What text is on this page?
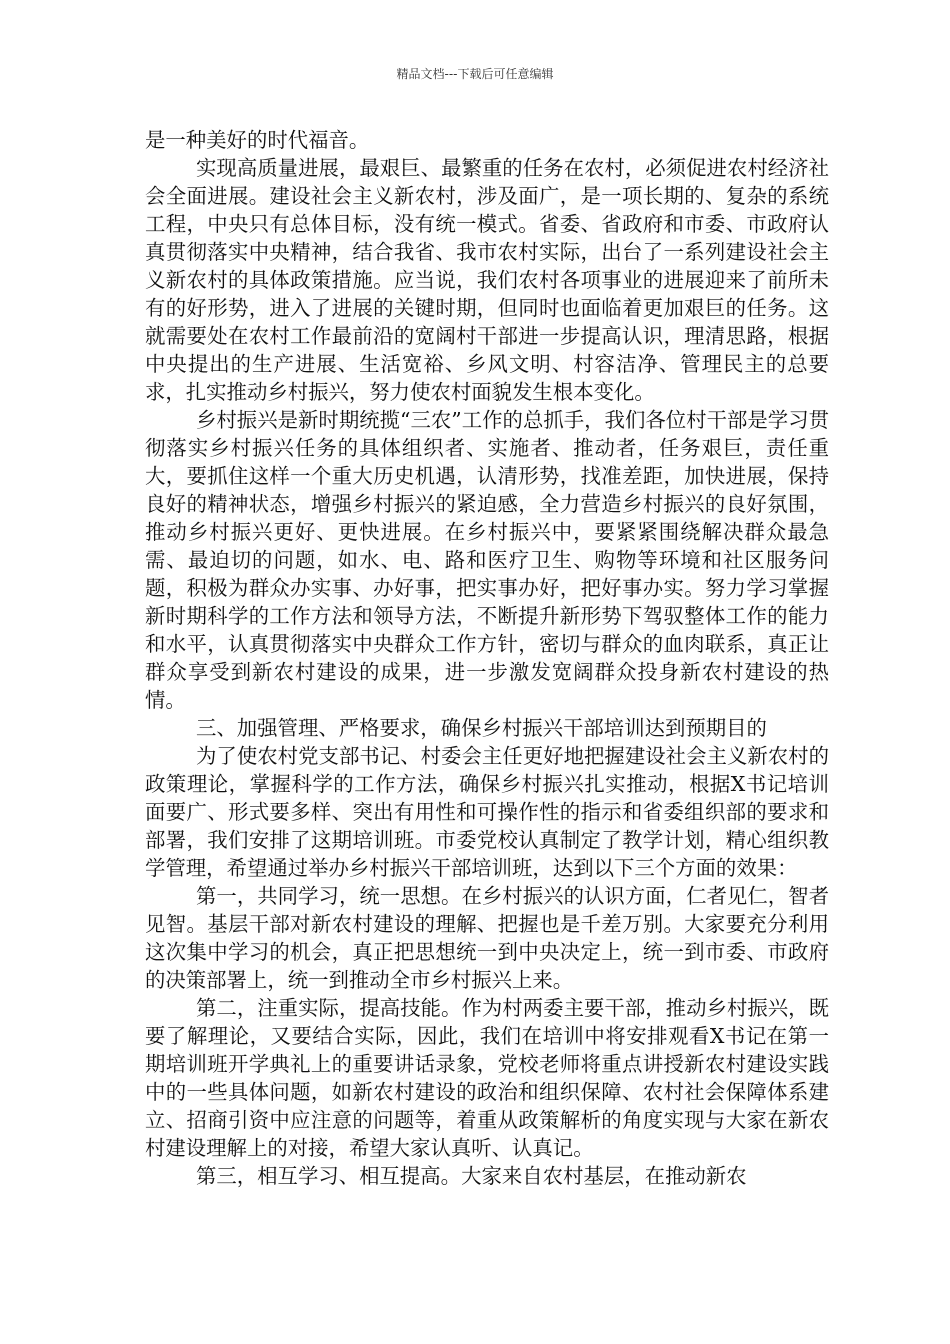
精品文档---下载后可任意编辑

是一种美好的时代福音。

实现高质量进展，最艰巨、最繁重的任务在农村，必须促进农村经济社会全面进展。建设社会主义新农村，涉及面广，是一项长期的、复杂的系统工程，中央只有总体目标，没有统一模式。省委、省政府和市委、市政府认真贯彻落实中央精神，结合我省、我市农村实际，出台了一系列建设社会主义新农村的具体政策措施。应当说，我们农村各项事业的进展迎来了前所未有的好形势，进入了进展的关键时期，但同时也面临着更加艰巨的任务。这就需要处在农村工作最前沿的宽阔村干部进一步提高认识，理清思路，根据中央提出的生产进展、生活宽裕、乡风文明、村容洁净、管理民主的总要求，扎实推动乡村振兴，努力使农村面貌发生根本变化。

乡村振兴是新时期统揽“三农”工作的总抓手，我们各位村干部是学习贯彻落实乡村振兴任务的具体组织者、实施者、推动者，任务艰巨，责任重大，要抓住这样一个重大历史机遇，认清形势，找准差距，加快进展，保持良好的精神状态，增强乡村振兴的紧迫感，全力营造乡村振兴的良好氛围，推动乡村振兴更好、更快进展。在乡村振兴中，要紧紧围绕解决群众最急需、最迫切的问题，如水、电、路和医疗卫生、购物等环境和社区服务问题，积极为群众办实事、办好事，把实事办好，把好事办实。努力学习掌握新时期科学的工作方法和领导方法，不断提升新形势下驾驭整体工作的能力和水平，认真贯彻落实中央群众工作方针，密切与群众的血肉联系，真正让群众享受到新农村建设的成果，进一步激发宽阔群众投身新农村建设的热情。

三、加强管理、严格要求，确保乡村振兴干部培训达到预期目的

为了使农村党支部书记、村委会主任更好地把握建设社会主义新农村的政策理论，掌握科学的工作方法，确保乡村振兴扎实推动，根据X书记培训面要广、形式要多样、突出有用性和可操作性的指示和省委组织部的要求和部署，我们安排了这期培训班。市委党校认真制定了教学计划，精心组织教学管理，希望通过举办乡村振兴干部培训班，达到以下三个方面的效果：

第一，共同学习，统一思想。在乡村振兴的认识方面，仁者见仁，智者见智。基层干部对新农村建设的理解、把握也是千差万别。大家要充分利用这次集中学习的机会，真正把思想统一到中央决定上，统一到市委、市政府的决策部署上，统一到推动全市乡村振兴上来。

第二，注重实际，提高技能。作为村两委主要干部，推动乡村振兴，既要了解理论，又要结合实际，因此，我们在培训中将安排观看X书记在第一期培训班开学典礼上的重要讲话录象，党校老师将重点讲授新农村建设实践中的一些具体问题，如新农村建设的政治和组织保障、农村社会保障体系建立、招商引资中应注意的问题等，着重从政策解析的角度实现与大家在新农村建设理解上的对接，希望大家认真听、认真记。

第三，相互学习、相互提高。大家来自农村基层，在推动新农
